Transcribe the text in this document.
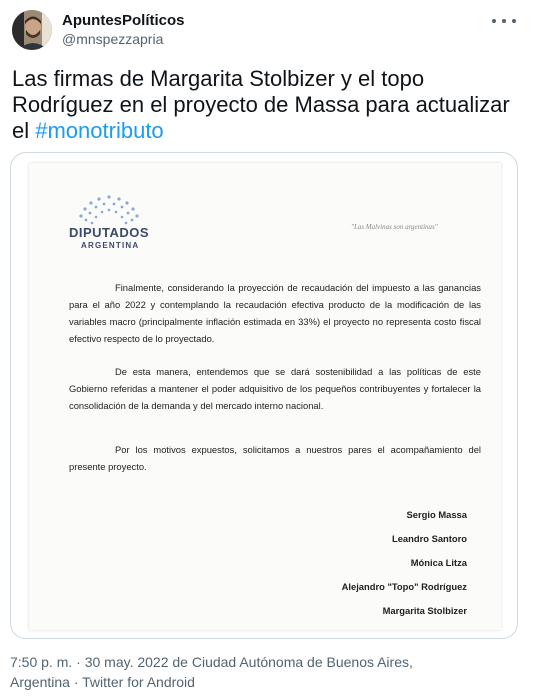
ApuntesPolíticos
@mnspezzapria
Las firmas de Margarita Stolbizer y el topo Rodríguez en el proyecto de Massa para actualizar el #monotributo
DIPUTADOS
ARGENTINA
"Las Malvinas son argentinas"
Finalmente, considerando la proyección de recaudación del impuesto a las ganancias para el año 2022 y contemplando la recaudación efectiva producto de la modificación de las variables macro (principalmente inflación estimada en 33%) el proyecto no representa costo fiscal efectivo respecto de lo proyectado.
De esta manera, entendemos que se dará sostenibilidad a las políticas de este Gobierno referidas a mantener el poder adquisitivo de los pequeños contribuyentes y fortalecer la consolidación de la demanda y del mercado interno nacional.
Por los motivos expuestos, solicitamos a nuestros pares el acompañamiento del presente proyecto.
Sergio Massa
Leandro Santoro
Mónica Litza
Alejandro "Topo" Rodríguez
Margarita Stolbizer
7:50 p. m. · 30 may. 2022 de Ciudad Autónoma de Buenos Aires,
Argentina · Twitter for Android
